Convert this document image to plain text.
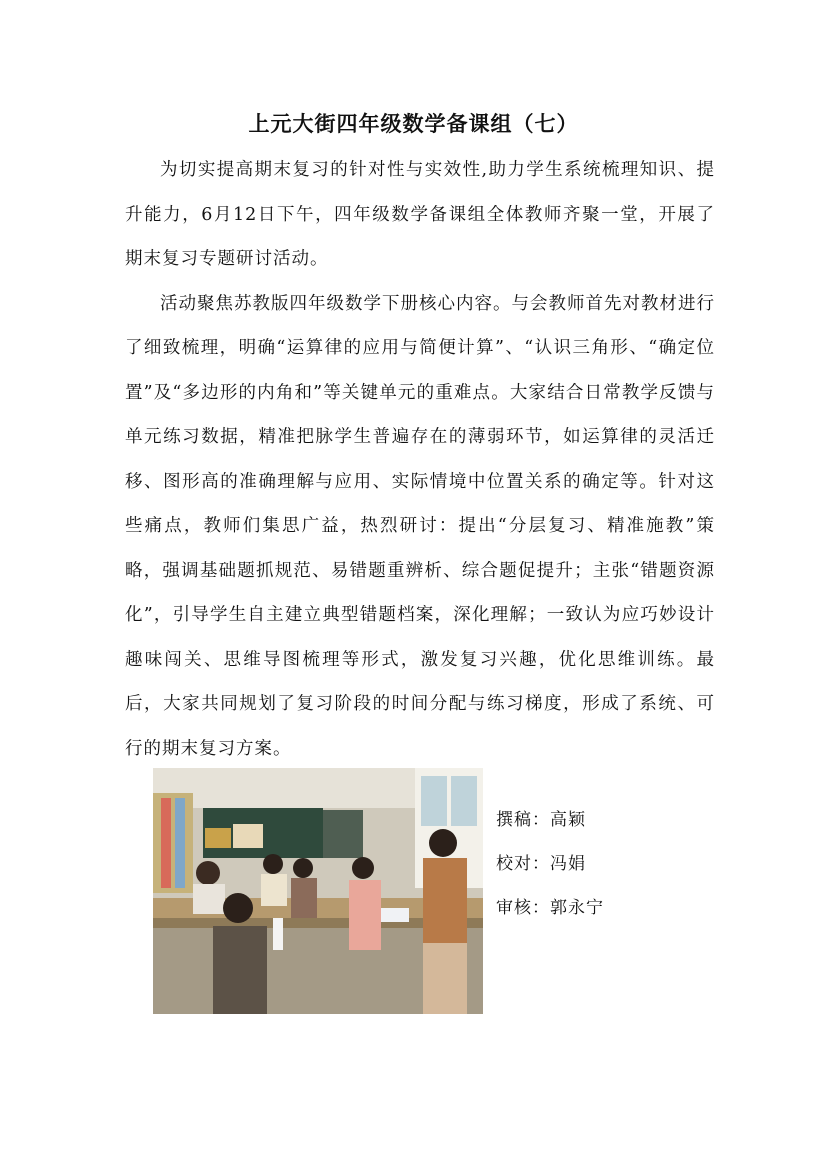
上元大街四年级数学备课组（七）

为切实提高期末复习的针对性与实效性,助力学生系统梳理知识、提升能力，6月12日下午，四年级数学备课组全体教师齐聚一堂，开展了期末复习专题研讨活动。

活动聚焦苏教版四年级数学下册核心内容。与会教师首先对教材进行了细致梳理，明确“运算律的应用与简便计算”、“认识三角形、“确定位置”及“多边形的内角和”等关键单元的重难点。大家结合日常教学反馈与单元练习数据，精准把脉学生普遍存在的薄弱环节，如运算律的灵活迁移、图形高的准确理解与应用、实际情境中位置关系的确定等。针对这些痛点，教师们集思广益，热烈研讨：提出“分层复习、精准施教”策略，强调基础题抓规范、易错题重辨析、综合题促提升；主张“错题资源化”，引导学生自主建立典型错题档案，深化理解；一致认为应巧妙设计趣味闯关、思维导图梳理等形式，激发复习兴趣，优化思维训练。最后，大家共同规划了复习阶段的时间分配与练习梯度，形成了系统、可行的期末复习方案。

撰稿：高颖
校对：冯娟
审核：郭永宁
